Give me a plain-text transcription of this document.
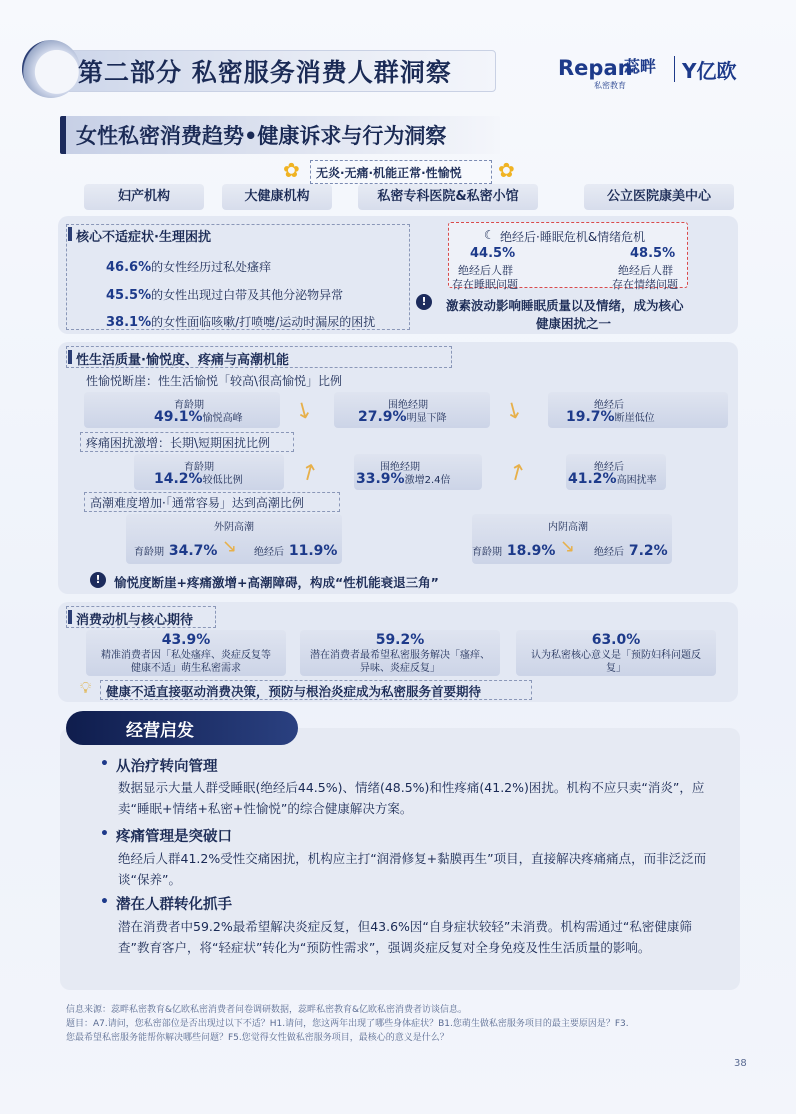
第二部分 私密服务消费人群洞察	Repan
蕊畔
私密教育
Y亿欧
女性私密消费趋势•健康诉求与行为洞察
✿ 无炎·无痛·机能正常·性愉悦 ✿
妇产机构	大健康机构	私密专科医院&私密小馆	公立医院康美中心
核心不适症状·生理困扰
46.6%的女性经历过私处瘙痒
45.5%的女性出现过白带及其他分泌物异常
38.1%的女性面临咳嗽/打喷嚏/运动时漏尿的困扰
☾ 绝经后·睡眠危机&情绪危机
44.5%
绝经后人群
存在睡眠问题
48.5%
绝经后人群
存在情绪问题
!	激素波动影响睡眠质量以及情绪，成为核心
健康困扰之一
性生活质量·愉悦度、疼痛与高潮机能
性愉悦断崖：性生活愉悦「较高\很高愉悦」比例
育龄期
49.1%愉悦高峰 ↘	围绝经期
27.9%明显下降 ↘	绝经后
19.7%断崖低位
疼痛困扰激增：长期\短期困扰比例
育龄期
14.2%较低比例 ↗	围绝经期
33.9%激增2.4倍 ↗	绝经后
41.2%高困扰率
高潮难度增加·「通常容易」达到高潮比例
外阴高潮
育龄期 34.7% ↘ 绝经后 11.9%
内阴高潮
育龄期 18.9% ↘ 绝经后 7.2%
!	愉悦度断崖+疼痛激增+高潮障碍，构成“性机能衰退三角”
消费动机与核心期待
43.9%
精准消费者因「私处瘙痒、炎症反复等
健康不适」萌生私密需求
59.2%
潜在消费者最希望私密服务解决「瘙痒、
异味、炎症反复」
63.0%
认为私密核心意义是「预防妇科问题反
复」
💡︎ 健康不适直接驱动消费决策，预防与根治炎症成为私密服务首要期待
经营启发
• 从治疗转向管理
数据显示大量人群受睡眠(绝经后44.5%)、情绪(48.5%)和性疼痛(41.2%)困扰。机构不应只卖“消炎”，应卖“睡眠+情绪+私密+性愉悦”的综合健康解决方案。
• 疼痛管理是突破口
绝经后人群41.2%受性交痛困扰，机构应主打“润滑修复+黏膜再生”项目，直接解决疼痛痛点，而非泛泛而谈“保养”。
• 潜在人群转化抓手
潜在消费者中59.2%最希望解决炎症反复，但43.6%因“自身症状较轻”未消费。机构需通过“私密健康筛查”教育客户，将“轻症状”转化为“预防性需求”，强调炎症反复对全身免疫及性生活质量的影响。
信息来源：蕊畔私密教育&亿欧私密消费者问卷调研数据，蕊畔私密教育&亿欧私密消费者访谈信息。
题目：A7.请问，您私密部位是否出现过以下不适？H1.请问，您这两年出现了哪些身体症状？B1.您萌生做私密服务项目的最主要原因是？F3.
您最希望私密服务能帮你解决哪些问题？F5.您觉得女性做私密服务项目，最核心的意义是什么？
38
